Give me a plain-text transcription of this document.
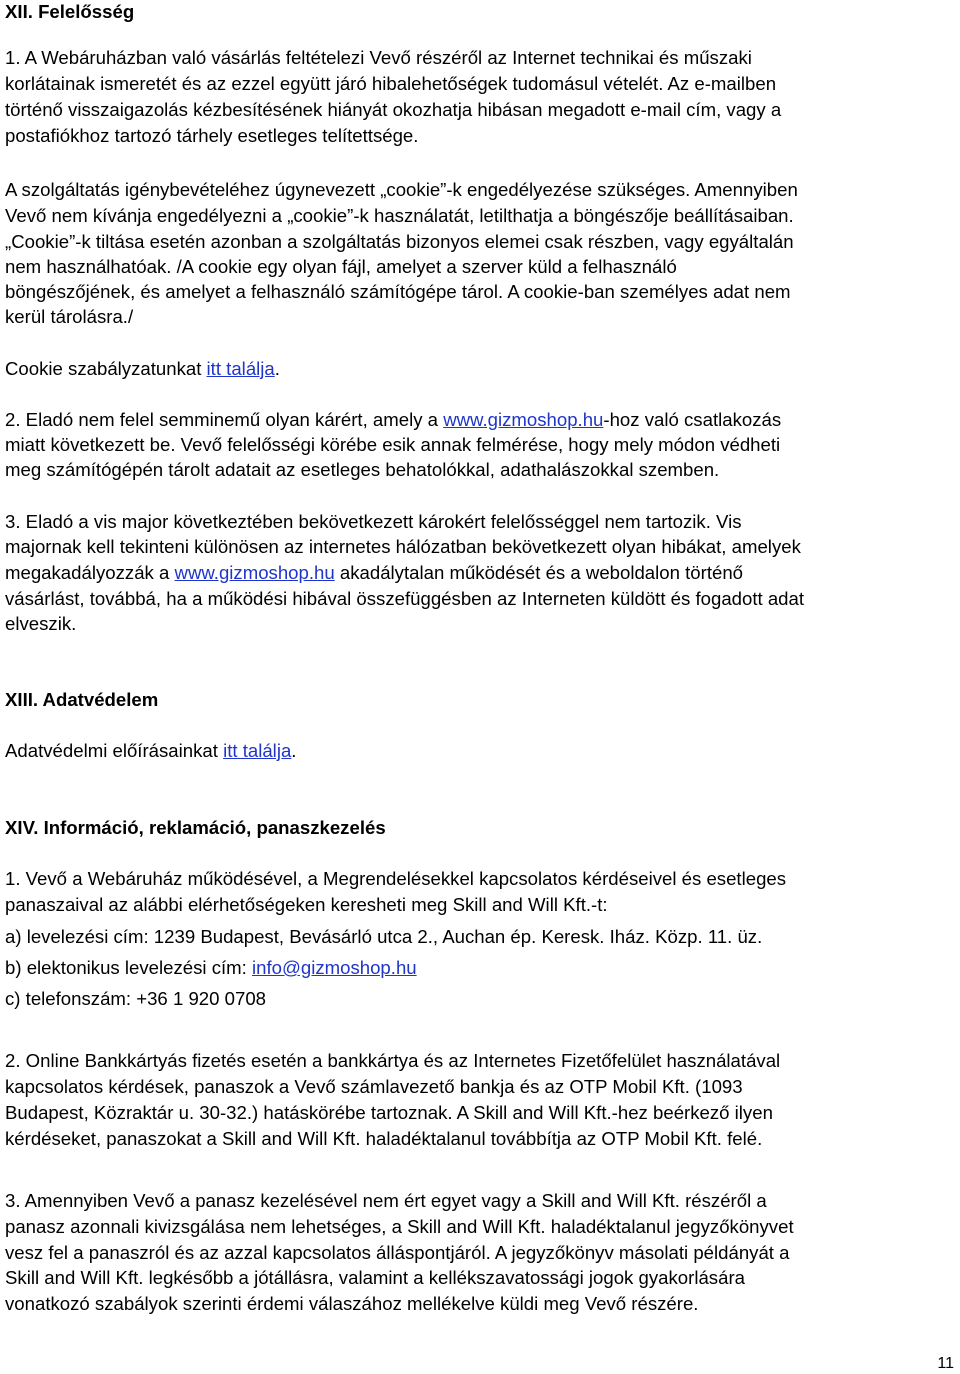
XII. Felelősség
1. A Webáruházban való vásárlás feltételezi Vevő részéről az Internet technikai és műszaki
korlátainak ismeretét és az ezzel együtt járó hibalehetőségek tudomásul vételét. Az e-mailben
történő visszaigazolás kézbesítésének hiányát okozhatja hibásan megadott e-mail cím, vagy a
postafiókhoz tartozó tárhely esetleges telítettsége.
A szolgáltatás igénybevételéhez úgynevezett „cookie”-k engedélyezése szükséges. Amennyiben
Vevő nem kívánja engedélyezni a „cookie”-k használatát, letilthatja a böngészője beállításaiban.
„Cookie”-k tiltása esetén azonban a szolgáltatás bizonyos elemei csak részben, vagy egyáltalán
nem használhatóak. /A cookie egy olyan fájl, amelyet a szerver küld a felhasználó
böngészőjének, és amelyet a felhasználó számítógépe tárol. A cookie-ban személyes adat nem
kerül tárolásra./
Cookie szabályzatunkat itt találja.
2. Eladó nem felel semminemű olyan kárért, amely a www.gizmoshop.hu-hoz való csatlakozás
miatt következett be. Vevő felelősségi körébe esik annak felmérése, hogy mely módon védheti
meg számítógépén tárolt adatait az esetleges behatolókkal, adathalászokkal szemben.
3. Eladó a vis major következtében bekövetkezett károkért felelősséggel nem tartozik. Vis
majornak kell tekinteni különösen az internetes hálózatban bekövetkezett olyan hibákat, amelyek
megakadályozzák a www.gizmoshop.hu akadálytalan működését és a weboldalon történő
vásárlást, továbbá, ha a működési hibával összefüggésben az Interneten küldött és fogadott adat
elveszik.
XIII. Adatvédelem
Adatvédelmi előírásainkat itt találja.
XIV. Információ, reklamáció, panaszkezelés
1. Vevő a Webáruház működésével, a Megrendelésekkel kapcsolatos kérdéseivel és esetleges
panaszaival az alábbi elérhetőségeken keresheti meg Skill and Will Kft.-t:
a) levelezési cím: 1239 Budapest, Bevásárló utca 2., Auchan ép. Keresk. Iház. Közp. 11. üz.
b) elektonikus levelezési cím: info@gizmoshop.hu
c) telefonszám: +36 1 920 0708
2. Online Bankkártyás fizetés esetén a bankkártya és az Internetes Fizetőfelület használatával
kapcsolatos kérdések, panaszok a Vevő számlavezető bankja és az OTP Mobil Kft. (1093
Budapest, Közraktár u. 30-32.) hatáskörébe tartoznak. A Skill and Will Kft.-hez beérkező ilyen
kérdéseket, panaszokat a Skill and Will Kft. haladéktalanul továbbítja az OTP Mobil Kft. felé.
3. Amennyiben Vevő a panasz kezelésével nem ért egyet vagy a Skill and Will Kft. részéről a
panasz azonnali kivizsgálása nem lehetséges, a Skill and Will Kft. haladéktalanul jegyzőkönyvet
vesz fel a panaszról és az azzal kapcsolatos álláspontjáról. A jegyzőkönyv másolati példányát a
Skill and Will Kft. legkésőbb a jótállásra, valamint a kellékszavatossági jogok gyakorlására
vonatkozó szabályok szerinti érdemi válaszához mellékelve küldi meg Vevő részére.
11
